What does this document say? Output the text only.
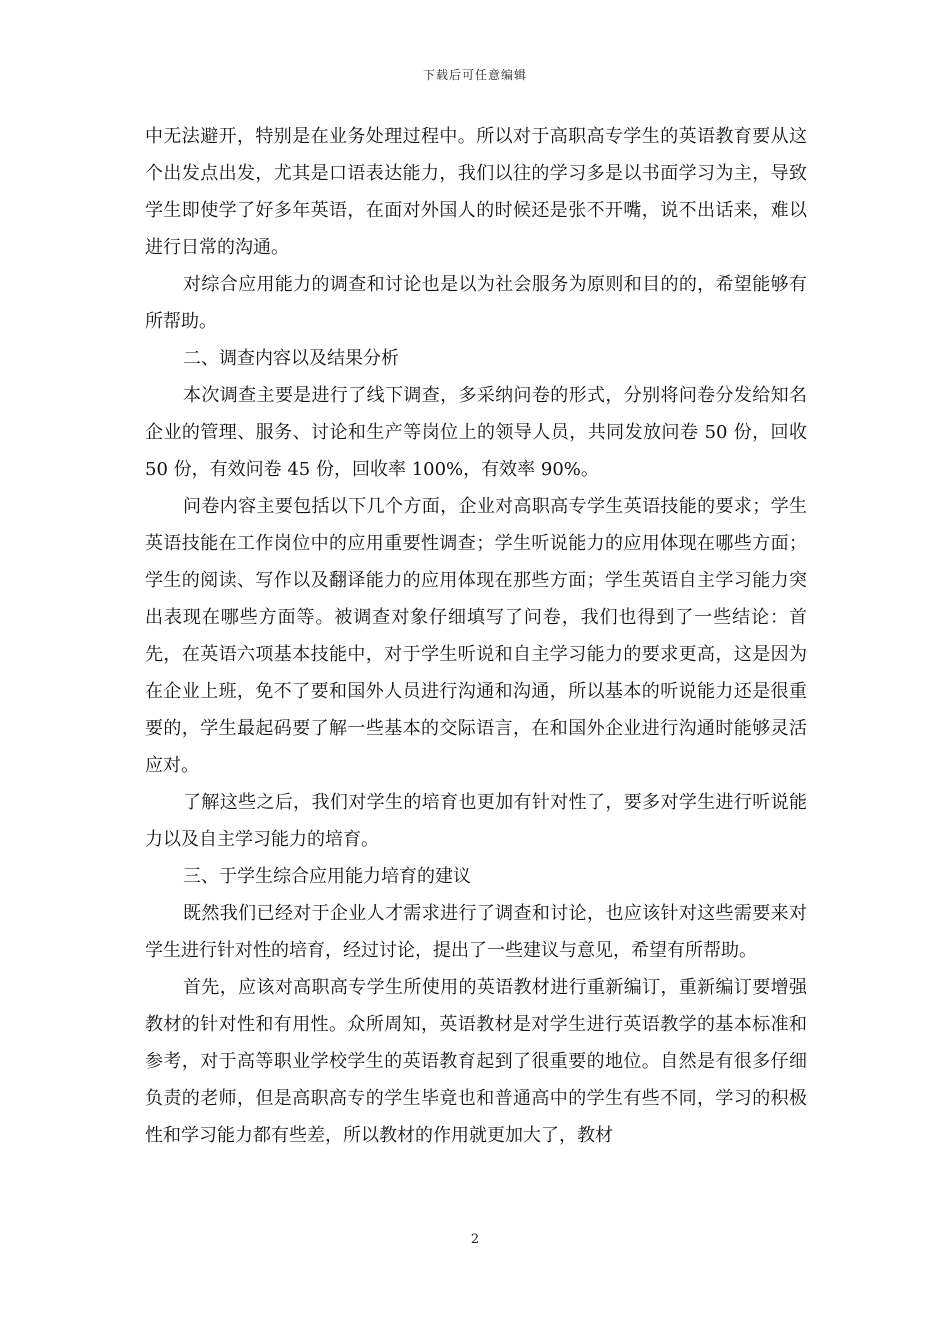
下载后可任意编辑

中无法避开，特别是在业务处理过程中。所以对于高职高专学生的英语教育要从这个出发点出发，尤其是口语表达能力，我们以往的学习多是以书面学习为主，导致学生即使学了好多年英语，在面对外国人的时候还是张不开嘴，说不出话来，难以进行日常的沟通。

对综合应用能力的调查和讨论也是以为社会服务为原则和目的的，希望能够有所帮助。

二、调查内容以及结果分析

本次调查主要是进行了线下调查，多采纳问卷的形式，分别将问卷分发给知名企业的管理、服务、讨论和生产等岗位上的领导人员，共同发放问卷 50 份，回收 50 份，有效问卷 45 份，回收率 100%，有效率 90%。

问卷内容主要包括以下几个方面，企业对高职高专学生英语技能的要求；学生英语技能在工作岗位中的应用重要性调查；学生听说能力的应用体现在哪些方面；学生的阅读、写作以及翻译能力的应用体现在那些方面；学生英语自主学习能力突出表现在哪些方面等。被调查对象仔细填写了问卷，我们也得到了一些结论：首先，在英语六项基本技能中，对于学生听说和自主学习能力的要求更高，这是因为在企业上班，免不了要和国外人员进行沟通和沟通，所以基本的听说能力还是很重要的，学生最起码要了解一些基本的交际语言，在和国外企业进行沟通时能够灵活应对。

了解这些之后，我们对学生的培育也更加有针对性了，要多对学生进行听说能力以及自主学习能力的培育。

三、于学生综合应用能力培育的建议

既然我们已经对于企业人才需求进行了调查和讨论，也应该针对这些需要来对学生进行针对性的培育，经过讨论，提出了一些建议与意见，希望有所帮助。

首先，应该对高职高专学生所使用的英语教材进行重新编订，重新编订要增强教材的针对性和有用性。众所周知，英语教材是对学生进行英语教学的基本标准和参考，对于高等职业学校学生的英语教育起到了很重要的地位。自然是有很多仔细负责的老师，但是高职高专的学生毕竟也和普通高中的学生有些不同，学习的积极性和学习能力都有些差，所以教材的作用就更加大了，教材

2
